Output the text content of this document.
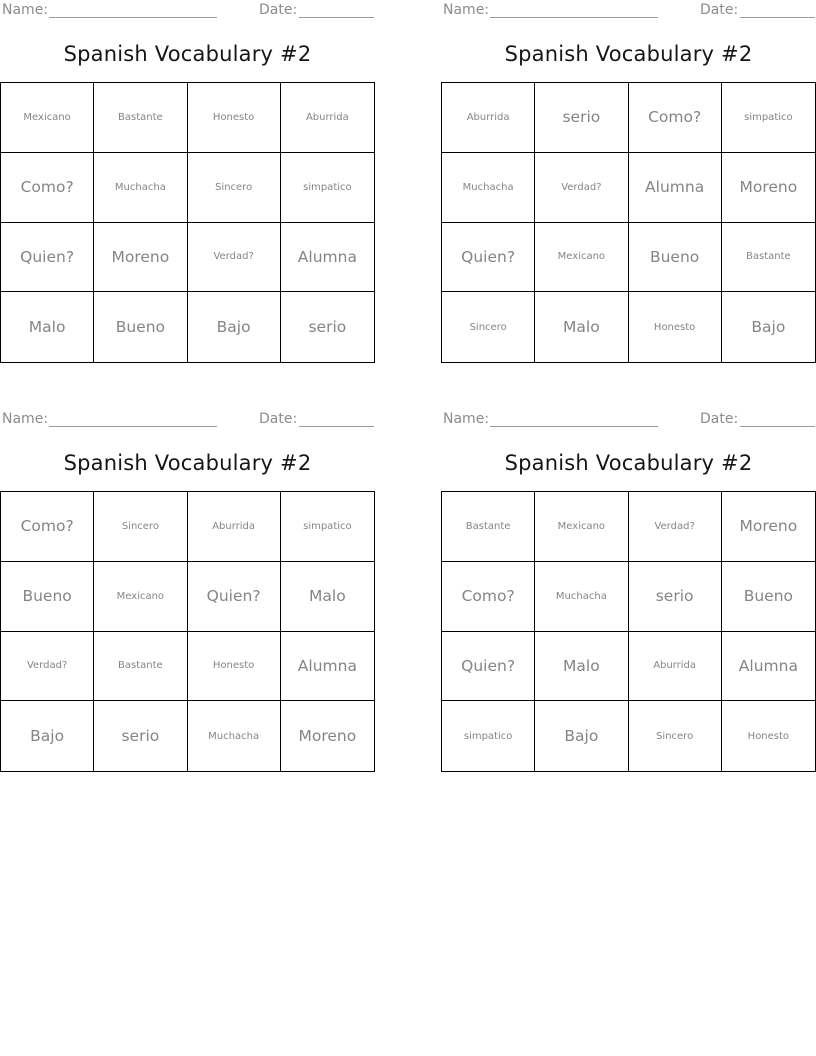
Name:	Date:
Spanish Vocabulary #2
Mexicano	Bastante	Honesto	Aburrida
Como?	Muchacha	Sincero	simpatico
Quien?	Moreno	Verdad?	Alumna
Malo	Bueno	Bajo	serio
Name:	Date:
Spanish Vocabulary #2
Aburrida	serio	Como?	simpatico
Muchacha	Verdad?	Alumna	Moreno
Quien?	Mexicano	Bueno	Bastante
Sincero	Malo	Honesto	Bajo
Name:	Date:
Spanish Vocabulary #2
Como?	Sincero	Aburrida	simpatico
Bueno	Mexicano	Quien?	Malo
Verdad?	Bastante	Honesto	Alumna
Bajo	serio	Muchacha	Moreno
Name:	Date:
Spanish Vocabulary #2
Bastante	Mexicano	Verdad?	Moreno
Como?	Muchacha	serio	Bueno
Quien?	Malo	Aburrida	Alumna
simpatico	Bajo	Sincero	Honesto
